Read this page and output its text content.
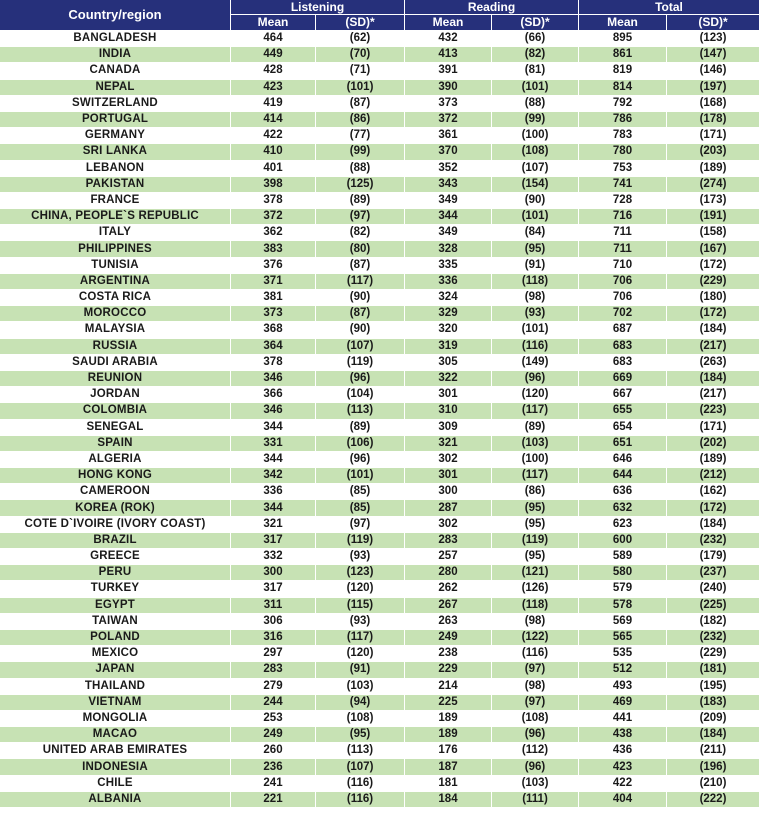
Country/region	Listening		Reading		Total	
	Mean	(SD)*	Mean	(SD)*	Mean	(SD)*
BANGLADESH	464	(62)	432	(66)	895	(123)
INDIA	449	(70)	413	(82)	861	(147)
CANADA	428	(71)	391	(81)	819	(146)
NEPAL	423	(101)	390	(101)	814	(197)
SWITZERLAND	419	(87)	373	(88)	792	(168)
PORTUGAL	414	(86)	372	(99)	786	(178)
GERMANY	422	(77)	361	(100)	783	(171)
SRI LANKA	410	(99)	370	(108)	780	(203)
LEBANON	401	(88)	352	(107)	753	(189)
PAKISTAN	398	(125)	343	(154)	741	(274)
FRANCE	378	(89)	349	(90)	728	(173)
CHINA, PEOPLE`S REPUBLIC	372	(97)	344	(101)	716	(191)
ITALY	362	(82)	349	(84)	711	(158)
PHILIPPINES	383	(80)	328	(95)	711	(167)
TUNISIA	376	(87)	335	(91)	710	(172)
ARGENTINA	371	(117)	336	(118)	706	(229)
COSTA RICA	381	(90)	324	(98)	706	(180)
MOROCCO	373	(87)	329	(93)	702	(172)
MALAYSIA	368	(90)	320	(101)	687	(184)
RUSSIA	364	(107)	319	(116)	683	(217)
SAUDI ARABIA	378	(119)	305	(149)	683	(263)
REUNION	346	(96)	322	(96)	669	(184)
JORDAN	366	(104)	301	(120)	667	(217)
COLOMBIA	346	(113)	310	(117)	655	(223)
SENEGAL	344	(89)	309	(89)	654	(171)
SPAIN	331	(106)	321	(103)	651	(202)
ALGERIA	344	(96)	302	(100)	646	(189)
HONG KONG	342	(101)	301	(117)	644	(212)
CAMEROON	336	(85)	300	(86)	636	(162)
KOREA (ROK)	344	(85)	287	(95)	632	(172)
COTE D`IVOIRE (IVORY COAST)	321	(97)	302	(95)	623	(184)
BRAZIL	317	(119)	283	(119)	600	(232)
GREECE	332	(93)	257	(95)	589	(179)
PERU	300	(123)	280	(121)	580	(237)
TURKEY	317	(120)	262	(126)	579	(240)
EGYPT	311	(115)	267	(118)	578	(225)
TAIWAN	306	(93)	263	(98)	569	(182)
POLAND	316	(117)	249	(122)	565	(232)
MEXICO	297	(120)	238	(116)	535	(229)
JAPAN	283	(91)	229	(97)	512	(181)
THAILAND	279	(103)	214	(98)	493	(195)
VIETNAM	244	(94)	225	(97)	469	(183)
MONGOLIA	253	(108)	189	(108)	441	(209)
MACAO	249	(95)	189	(96)	438	(184)
UNITED ARAB EMIRATES	260	(113)	176	(112)	436	(211)
INDONESIA	236	(107)	187	(96)	423	(196)
CHILE	241	(116)	181	(103)	422	(210)
ALBANIA	221	(116)	184	(111)	404	(222)
